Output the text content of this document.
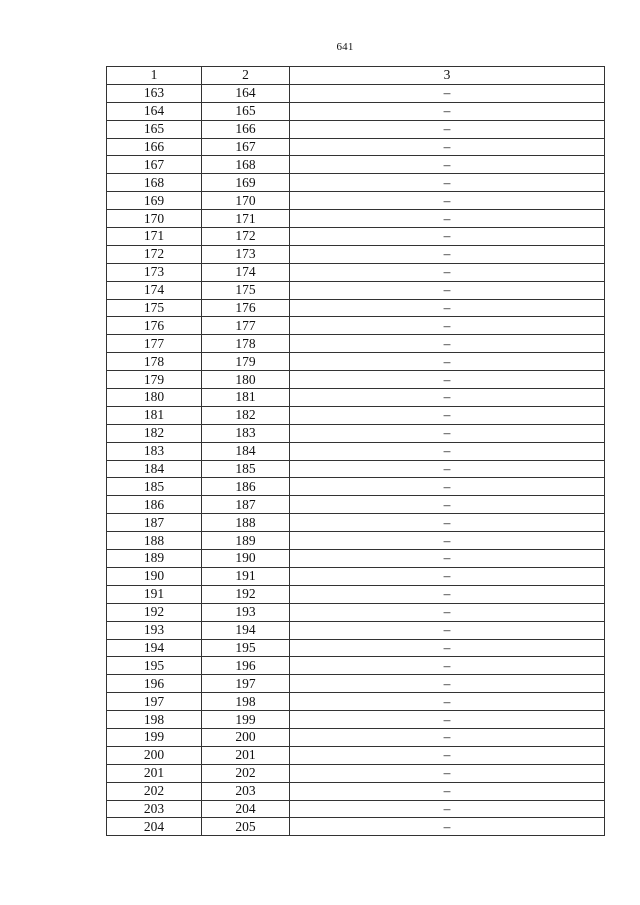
641
1	2	3
163	164	–
164	165	–
165	166	–
166	167	–
167	168	–
168	169	–
169	170	–
170	171	–
171	172	–
172	173	–
173	174	–
174	175	–
175	176	–
176	177	–
177	178	–
178	179	–
179	180	–
180	181	–
181	182	–
182	183	–
183	184	–
184	185	–
185	186	–
186	187	–
187	188	–
188	189	–
189	190	–
190	191	–
191	192	–
192	193	–
193	194	–
194	195	–
195	196	–
196	197	–
197	198	–
198	199	–
199	200	–
200	201	–
201	202	–
202	203	–
203	204	–
204	205	–
